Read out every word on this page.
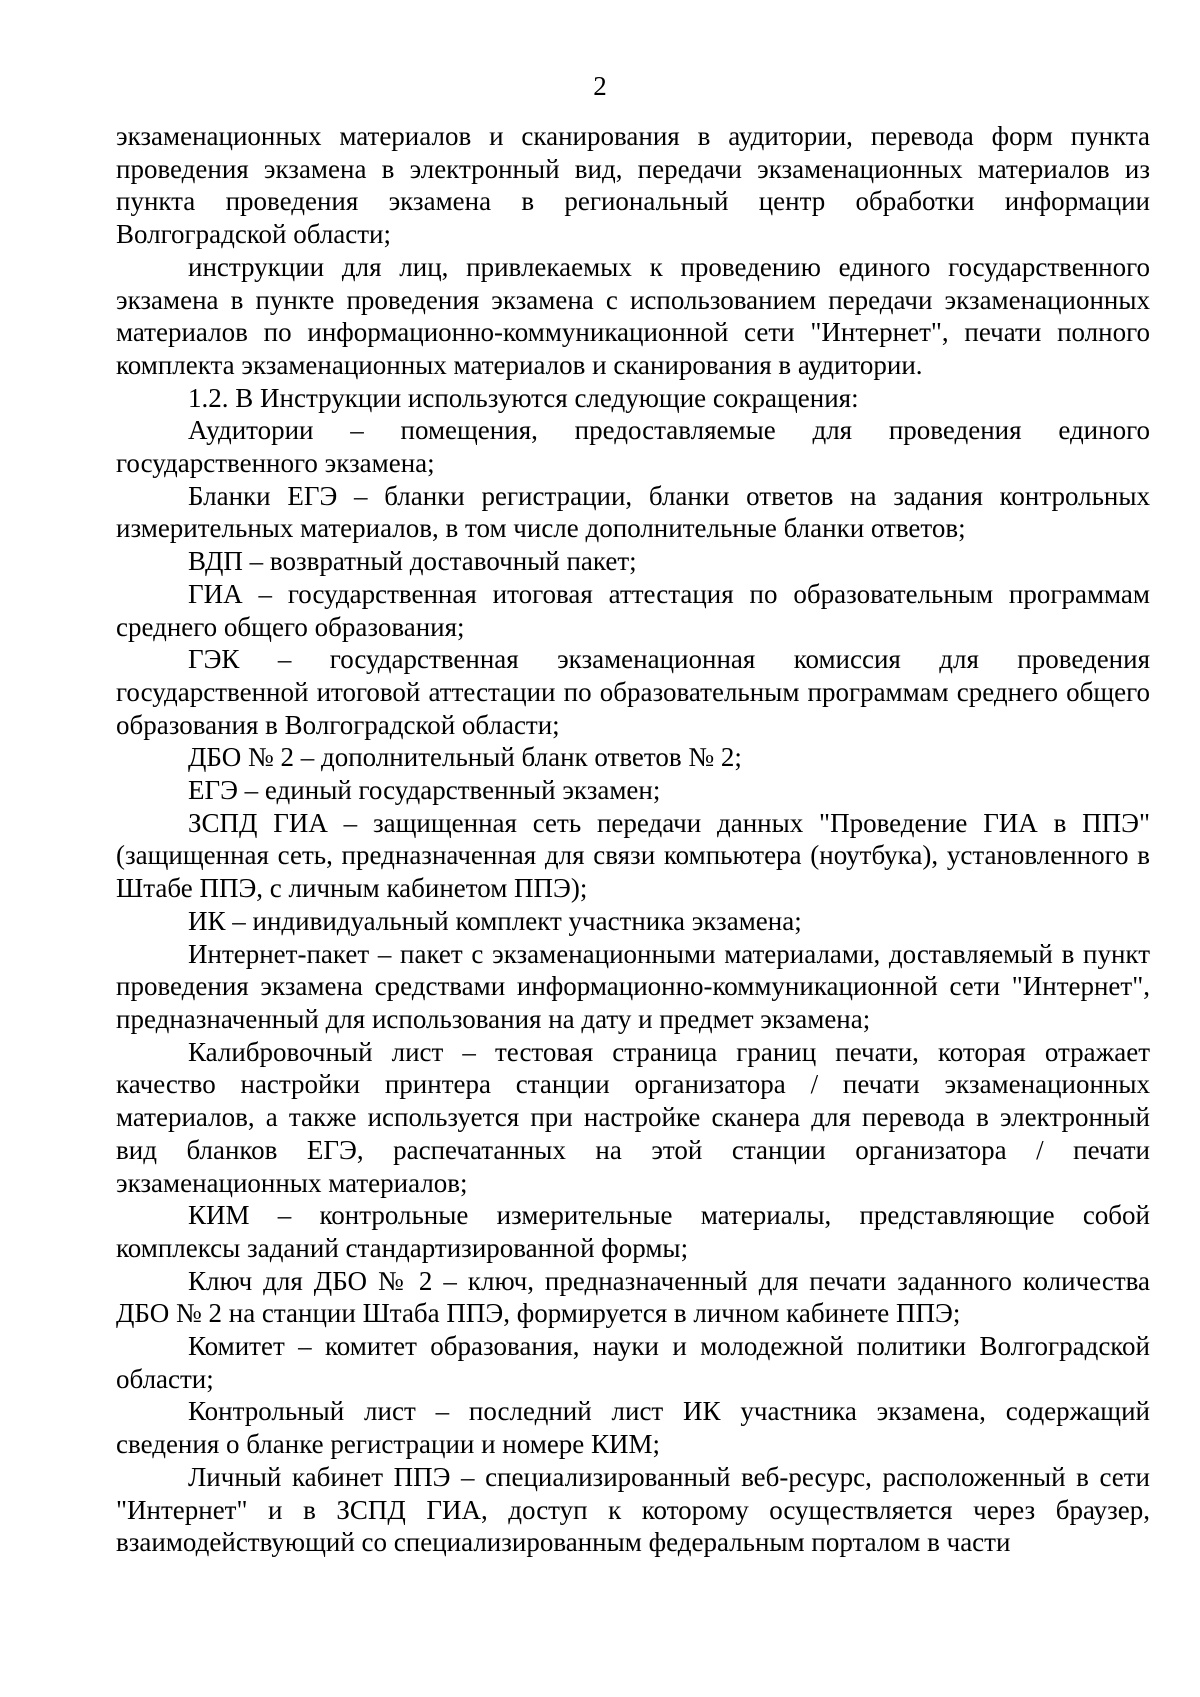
2

экзаменационных материалов и сканирования в аудитории, перевода форм пункта проведения экзамена в электронный вид, передачи экзаменационных материалов из пункта проведения экзамена в региональный центр обработки информации Волгоградской области;

инструкции для лиц, привлекаемых к проведению единого государственного экзамена в пункте проведения экзамена с использованием передачи экзаменационных материалов по информационно-коммуникационной сети "Интернет", печати полного комплекта экзаменационных материалов и сканирования в аудитории.

1.2. В Инструкции используются следующие сокращения:

Аудитории – помещения, предоставляемые для проведения единого государственного экзамена;

Бланки ЕГЭ – бланки регистрации, бланки ответов на задания контрольных измерительных материалов, в том числе дополнительные бланки ответов;

ВДП – возвратный доставочный пакет;

ГИА – государственная итоговая аттестация по образовательным программам среднего общего образования;

ГЭК – государственная экзаменационная комиссия для проведения государственной итоговой аттестации по образовательным программам среднего общего образования в Волгоградской области;

ДБО № 2 – дополнительный бланк ответов № 2;

ЕГЭ – единый государственный экзамен;

ЗСПД ГИА – защищенная сеть передачи данных "Проведение ГИА в ППЭ" (защищенная сеть, предназначенная для связи компьютера (ноутбука), установленного в Штабе ППЭ, с личным кабинетом ППЭ);

ИК – индивидуальный комплект участника экзамена;

Интернет-пакет – пакет с экзаменационными материалами, доставляемый в пункт проведения экзамена средствами информационно-коммуникационной сети "Интернет", предназначенный для использования на дату и предмет экзамена;

Калибровочный лист – тестовая страница границ печати, которая отражает качество настройки принтера станции организатора / печати экзаменационных материалов, а также используется при настройке сканера для перевода в электронный вид бланков ЕГЭ, распечатанных на этой станции организатора / печати экзаменационных материалов;

КИМ – контрольные измерительные материалы, представляющие собой комплексы заданий стандартизированной формы;

Ключ для ДБО № 2 – ключ, предназначенный для печати заданного количества ДБО № 2 на станции Штаба ППЭ, формируется в личном кабинете ППЭ;

Комитет – комитет образования, науки и молодежной политики Волгоградской области;

Контрольный лист – последний лист ИК участника экзамена, содержащий сведения о бланке регистрации и номере КИМ;

Личный кабинет ППЭ – специализированный веб-ресурс, расположенный в сети "Интернет" и в ЗСПД ГИА, доступ к которому осуществляется через браузер, взаимодействующий со специализированным федеральным порталом в части
